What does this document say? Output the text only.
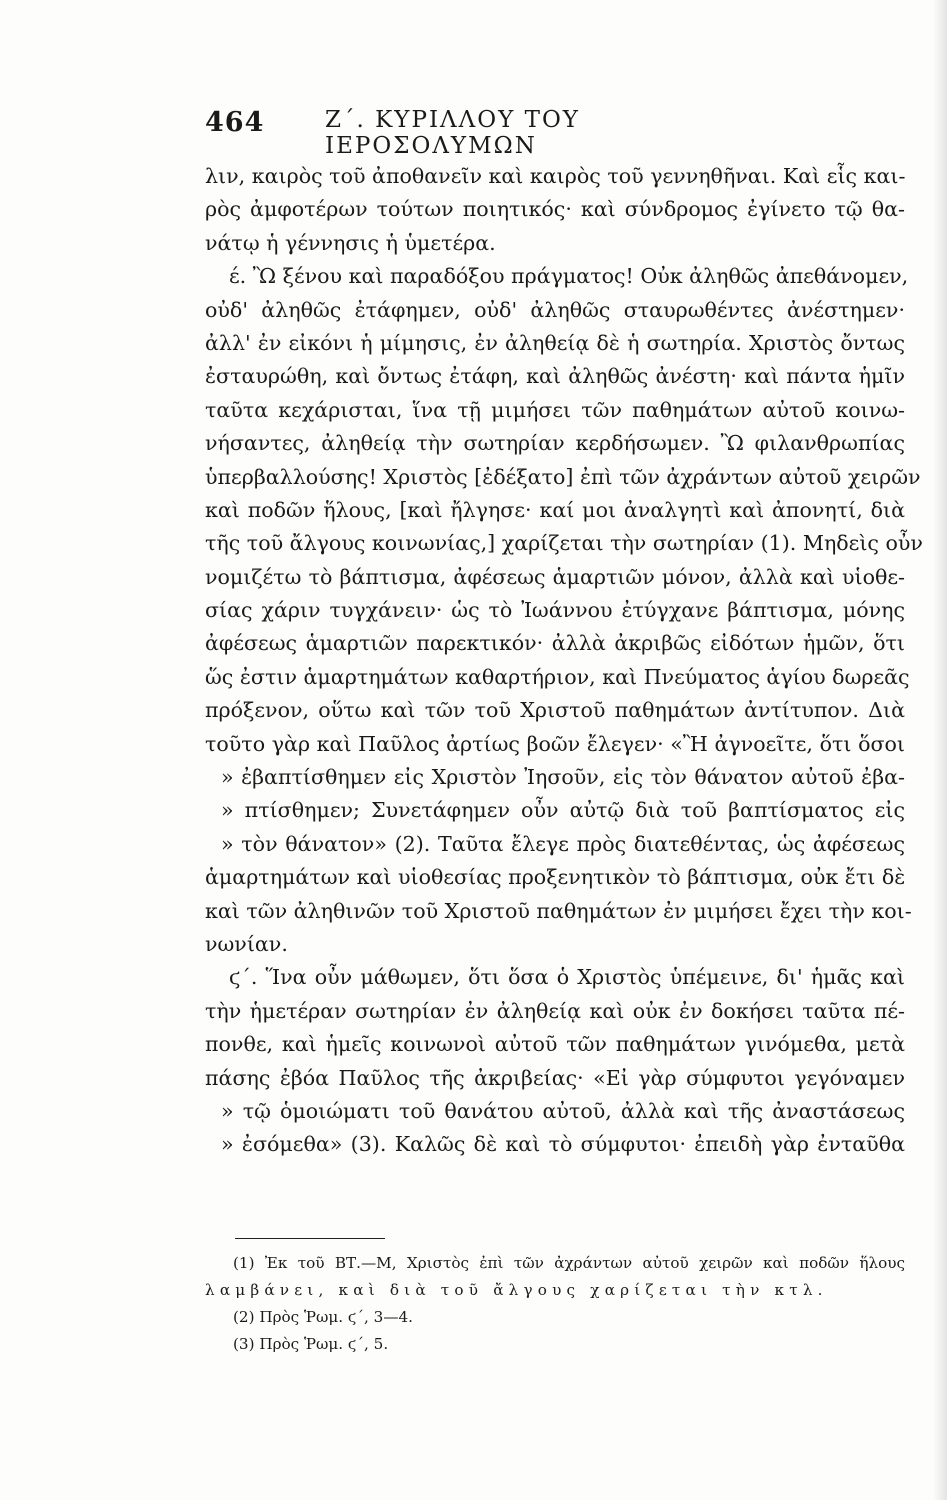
464	Ζ΄. ΚΥΡΙΛΛΟΥ ΤΟΥ ΙΕΡΟΣΟΛΥΜΩΝ
λιν, καιρὸς τοῦ ἀποθανεῖν καὶ καιρὸς τοῦ γεννηθῆναι. Καὶ εἷς και-
ρὸς ἀμφοτέρων τούτων ποιητικός· καὶ σύνδρομος ἐγίνετο τῷ θα-
νάτῳ ἡ γέννησις ἡ ὑμετέρα.
έ. Ὢ ξένου καὶ παραδόξου πράγματος! Οὐκ ἀληθῶς ἀπεθάνομεν,
οὐδ' ἀληθῶς ἐτάφημεν, οὐδ' ἀληθῶς σταυρωθέντες ἀνέστημεν·
ἀλλ' ἐν εἰκόνι ἡ μίμησις, ἐν ἀληθείᾳ δὲ ἡ σωτηρία. Χριστὸς ὄντως
ἐσταυρώθη, καὶ ὄντως ἐτάφη, καὶ ἀληθῶς ἀνέστη· καὶ πάντα ἡμῖν
ταῦτα κεχάρισται, ἵνα τῇ μιμήσει τῶν παθημάτων αὐτοῦ κοινω-
νήσαντες, ἀληθείᾳ τὴν σωτηρίαν κερδήσωμεν. Ὢ φιλανθρωπίας
ὑπερβαλλούσης! Χριστὸς [ἐδέξατο] ἐπὶ τῶν ἀχράντων αὐτοῦ χειρῶν
καὶ ποδῶν ἥλους, [καὶ ἤλγησε· καί μοι ἀναλγητὶ καὶ ἀπονητί, διὰ
τῆς τοῦ ἄλγους κοινωνίας,] χαρίζεται τὴν σωτηρίαν (1). Μηδεὶς οὖν
νομιζέτω τὸ βάπτισμα, ἀφέσεως ἁμαρτιῶν μόνον, ἀλλὰ καὶ υἱοθε-
σίας χάριν τυγχάνειν· ὡς τὸ Ἰωάννου ἐτύγχανε βάπτισμα, μόνης
ἀφέσεως ἁμαρτιῶν παρεκτικόν· ἀλλὰ ἀκριβῶς εἰδότων ἡμῶν, ὅτι
ὥς ἐστιν ἁμαρτημάτων καθαρτήριον, καὶ Πνεύματος ἁγίου δωρεᾶς
πρόξενον, οὕτω καὶ τῶν τοῦ Χριστοῦ παθημάτων ἀντίτυπον. Διὰ
τοῦτο γὰρ καὶ Παῦλος ἀρτίως βοῶν ἔλεγεν· «Ἢ ἀγνοεῖτε, ὅτι ὅσοι
» ἐβαπτίσθημεν εἰς Χριστὸν Ἰησοῦν, εἰς τὸν θάνατον αὐτοῦ ἐβα-
» πτίσθημεν; Συνετάφημεν οὖν αὐτῷ διὰ τοῦ βαπτίσματος εἰς
» τὸν θάνατον» (2). Ταῦτα ἔλεγε πρὸς διατεθέντας, ὡς ἀφέσεως
ἁμαρτημάτων καὶ υἱοθεσίας προξενητικὸν τὸ βάπτισμα, οὐκ ἔτι δὲ
καὶ τῶν ἀληθινῶν τοῦ Χριστοῦ παθημάτων ἐν μιμήσει ἔχει τὴν κοι-
νωνίαν.
ϛ΄. Ἵνα οὖν μάθωμεν, ὅτι ὅσα ὁ Χριστὸς ὑπέμεινε, δι' ἡμᾶς καὶ
τὴν ἡμετέραν σωτηρίαν ἐν ἀληθείᾳ καὶ οὐκ ἐν δοκήσει ταῦτα πέ-
πονθε, καὶ ἡμεῖς κοινωνοὶ αὐτοῦ τῶν παθημάτων γινόμεθα, μετὰ
πάσης ἐβόα Παῦλος τῆς ἀκριβείας· «Εἰ γὰρ σύμφυτοι γεγόναμεν
» τῷ ὁμοιώματι τοῦ θανάτου αὐτοῦ, ἀλλὰ καὶ τῆς ἀναστάσεως
» ἐσόμεθα» (3). Καλῶς δὲ καὶ τὸ σύμφυτοι· ἐπειδὴ γὰρ ἐνταῦθα
(1) Ἐκ τοῦ ΒΤ.—Μ, Χριστὸς ἐπὶ τῶν ἀχράντων αὐτοῦ χειρῶν καὶ ποδῶν ἥλους
λαμβάνει, καὶ διὰ τοῦ ἄλγους χαρίζεται τὴν κτλ.
(2) Πρὸς Ῥωμ. ϛ΄, 3—4.
(3) Πρὸς Ῥωμ. ϛ΄, 5.
